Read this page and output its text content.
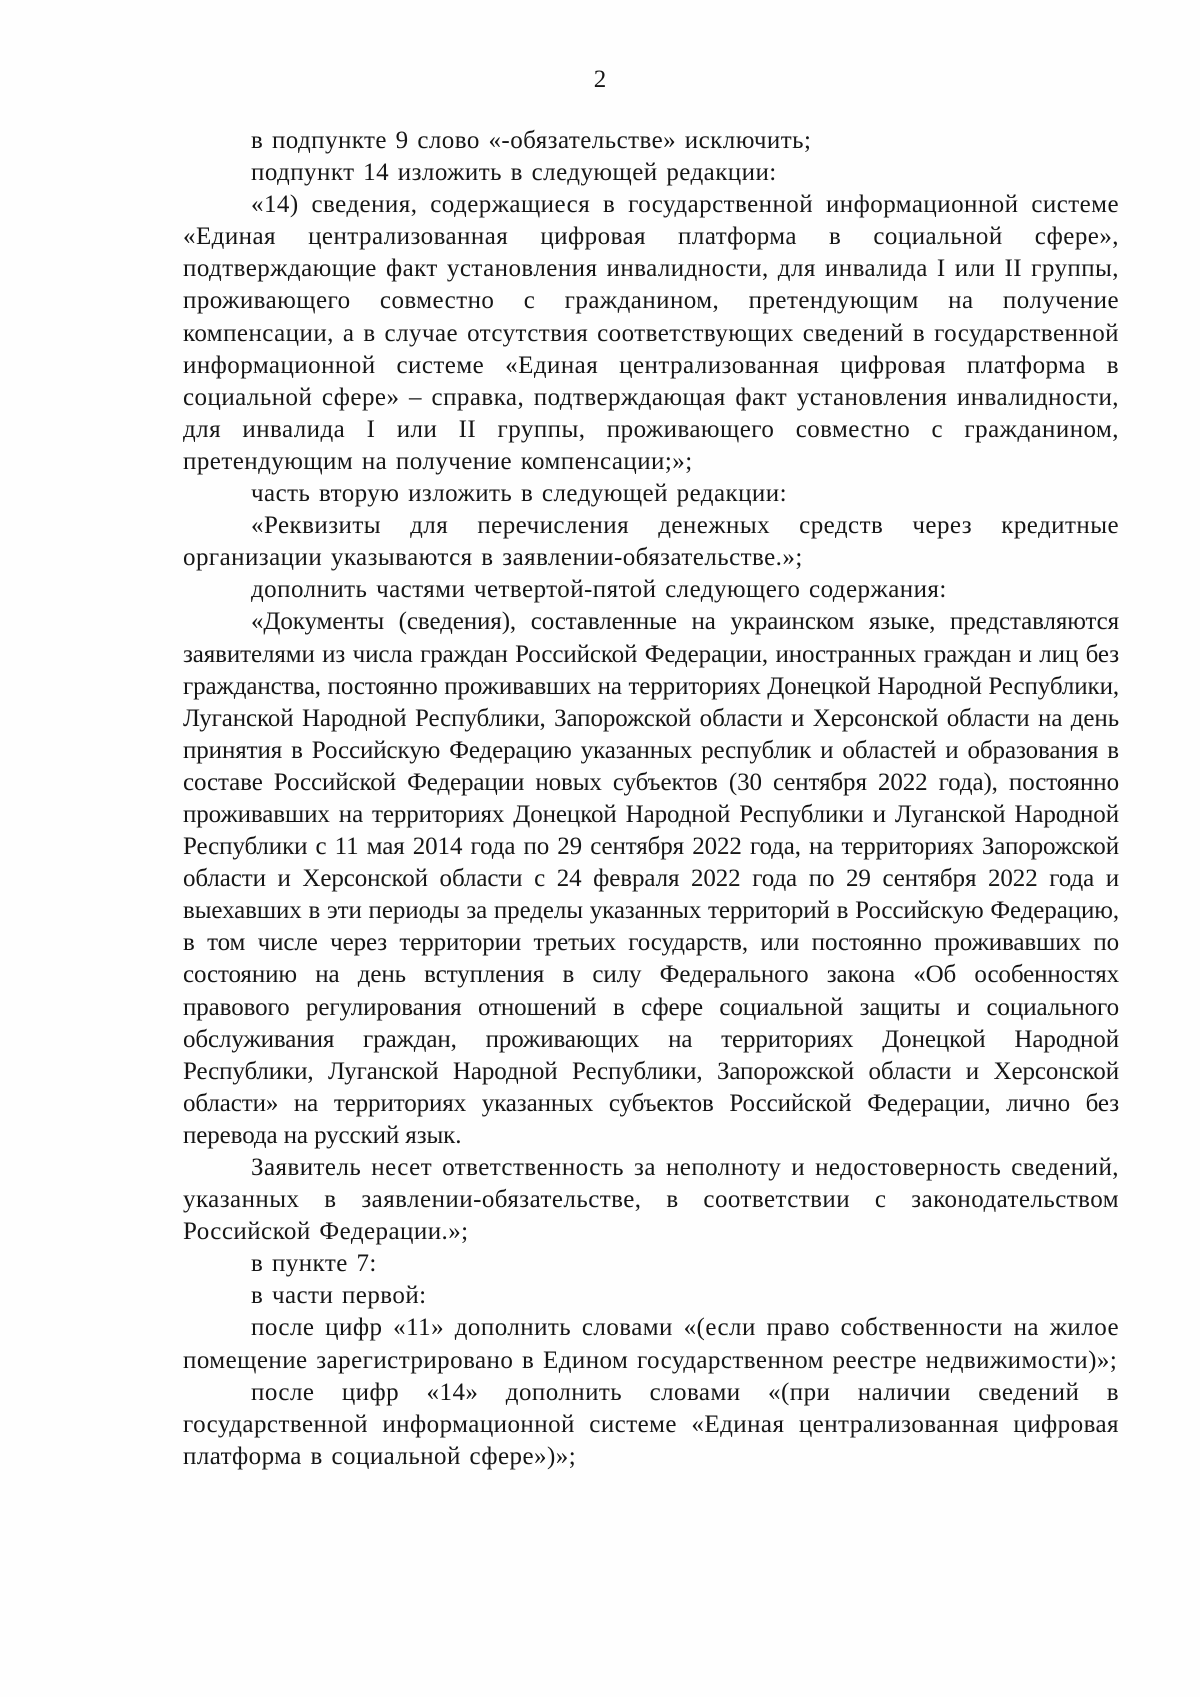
2

в подпункте 9 слово «-обязательстве» исключить;

подпункт 14 изложить в следующей редакции:

«14) сведения, содержащиеся в государственной информационной системе «Единая централизованная цифровая платформа в социальной сфере», подтверждающие факт установления инвалидности, для инвалида I или II группы, проживающего совместно с гражданином, претендующим на получение компенсации, а в случае отсутствия соответствующих сведений в государственной информационной системе «Единая централизованная цифровая платформа в социальной сфере» – справка, подтверждающая факт установления инвалидности, для инвалида I или II группы, проживающего совместно с гражданином, претендующим на получение компенсации;»;

часть вторую изложить в следующей редакции:

«Реквизиты для перечисления денежных средств через кредитные организации указываются в заявлении-обязательстве.»;

дополнить частями четвертой-пятой следующего содержания:

«Документы (сведения), составленные на украинском языке, представляются заявителями из числа граждан Российской Федерации, иностранных граждан и лиц без гражданства, постоянно проживавших на территориях Донецкой Народной Республики, Луганской Народной Республики, Запорожской области и Херсонской области на день принятия в Российскую Федерацию указанных республик и областей и образования в составе Российской Федерации новых субъектов (30 сентября 2022 года), постоянно проживавших на территориях Донецкой Народной Республики и Луганской Народной Республики с 11 мая 2014 года по 29 сентября 2022 года, на территориях Запорожской области и Херсонской области с 24 февраля 2022 года по 29 сентября 2022 года и выехавших в эти периоды за пределы указанных территорий в Российскую Федерацию, в том числе через территории третьих государств, или постоянно проживавших по состоянию на день вступления в силу Федерального закона «Об особенностях правового регулирования отношений в сфере социальной защиты и социального обслуживания граждан, проживающих на территориях Донецкой Народной Республики, Луганской Народной Республики, Запорожской области и Херсонской области» на территориях указанных субъектов Российской Федерации, лично без перевода на русский язык.

Заявитель несет ответственность за неполноту и недостоверность сведений, указанных в заявлении-обязательстве, в соответствии с законодательством Российской Федерации.»;

в пункте 7:

в части первой:

после цифр «11» дополнить словами «(если право собственности на жилое помещение зарегистрировано в Едином государственном реестре недвижимости)»;

после цифр «14» дополнить словами «(при наличии сведений в государственной информационной системе «Единая централизованная цифровая платформа в социальной сфере»)»;
